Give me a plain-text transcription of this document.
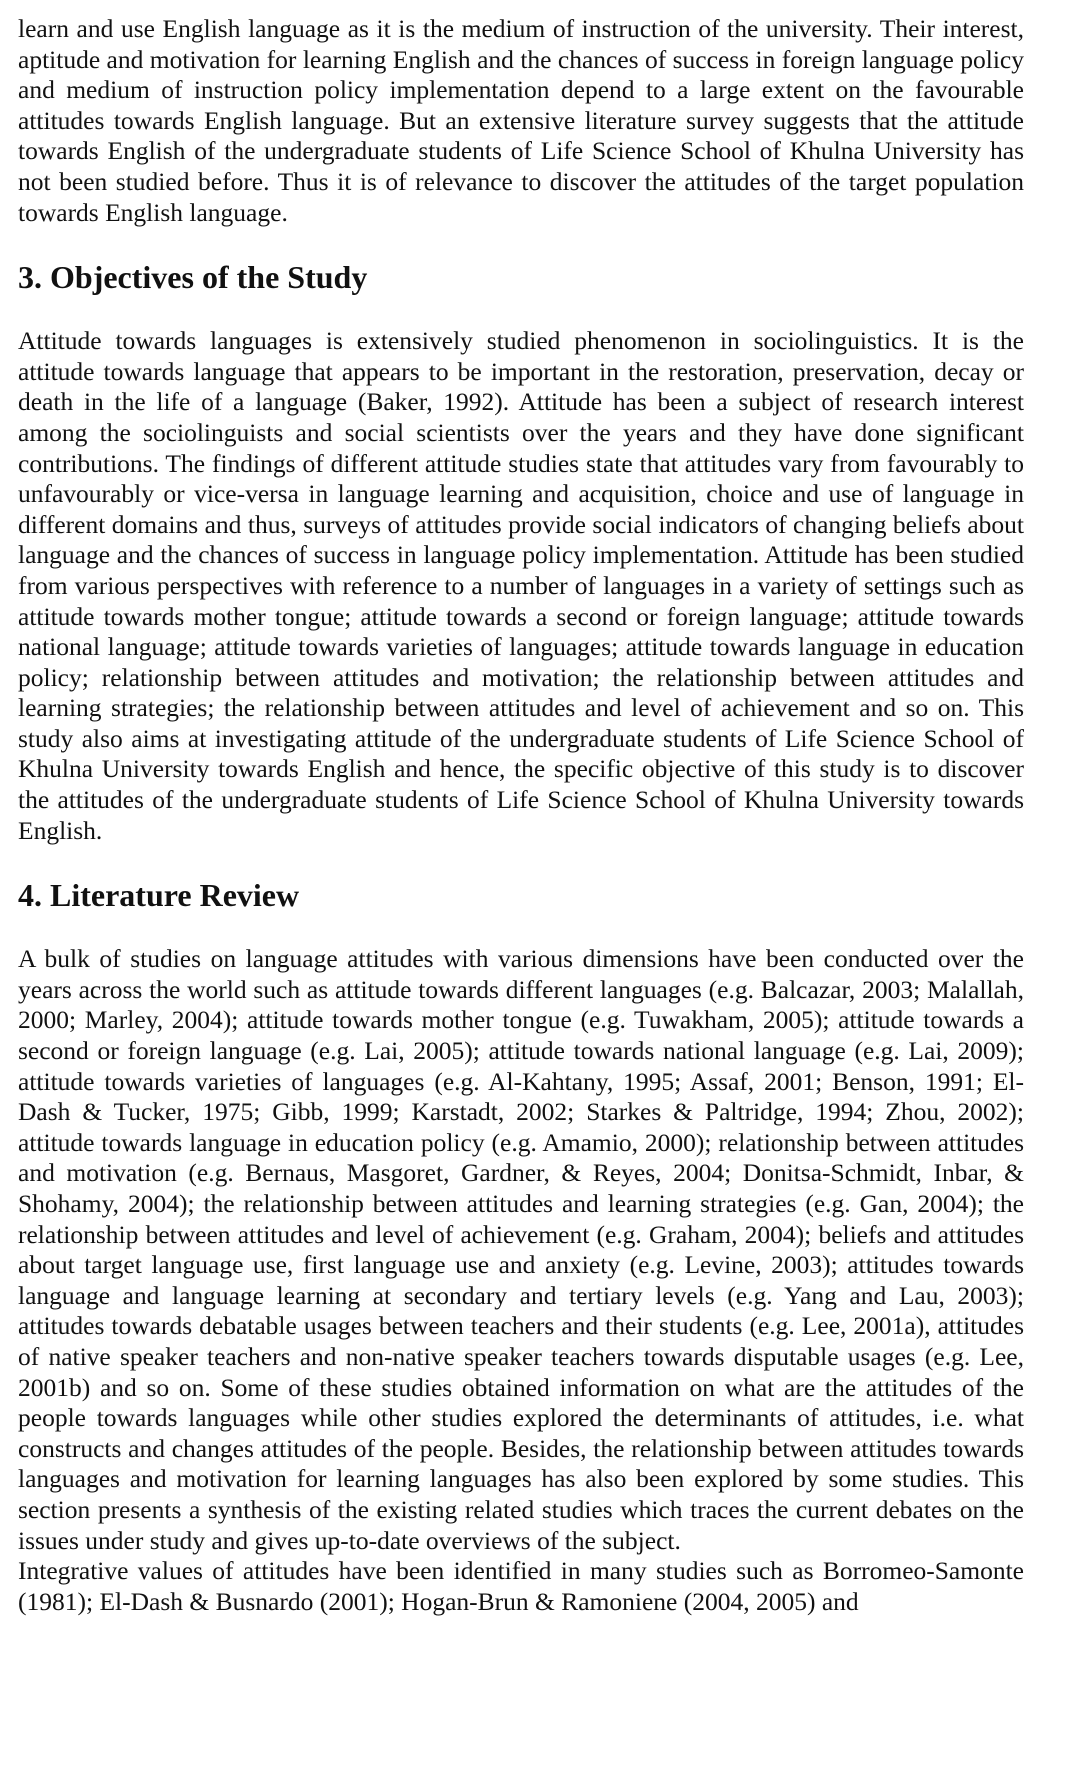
learn and use English language as it is the medium of instruction of the university. Their interest, aptitude and motivation for learning English and the chances of success in foreign language policy and medium of instruction policy implementation depend to a large extent on the favourable attitudes towards English language. But an extensive literature survey suggests that the attitude towards English of the undergraduate students of Life Science School of Khulna University has not been studied before. Thus it is of relevance to discover the attitudes of the target population towards English language.

3. Objectives of the Study

Attitude towards languages is extensively studied phenomenon in sociolinguistics. It is the attitude towards language that appears to be important in the restoration, preservation, decay or death in the life of a language (Baker, 1992). Attitude has been a subject of research interest among the sociolinguists and social scientists over the years and they have done significant contributions. The findings of different attitude studies state that attitudes vary from favourably to unfavourably or vice-versa in language learning and acquisition, choice and use of language in different domains and thus, surveys of attitudes provide social indicators of changing beliefs about language and the chances of success in language policy implementation. Attitude has been studied from various perspectives with reference to a number of languages in a variety of settings such as attitude towards mother tongue; attitude towards a second or foreign language; attitude towards national language; attitude towards varieties of languages; attitude towards language in education policy; relationship between attitudes and motivation; the relationship between attitudes and learning strategies; the relationship between attitudes and level of achievement and so on. This study also aims at investigating attitude of the undergraduate students of Life Science School of Khulna University towards English and hence, the specific objective of this study is to discover the attitudes of the undergraduate students of Life Science School of Khulna University towards English.

4. Literature Review

A bulk of studies on language attitudes with various dimensions have been conducted over the years across the world such as attitude towards different languages (e.g. Balcazar, 2003; Malallah, 2000; Marley, 2004); attitude towards mother tongue (e.g. Tuwakham, 2005); attitude towards a second or foreign language (e.g. Lai, 2005); attitude towards national language (e.g. Lai, 2009); attitude towards varieties of languages (e.g. Al-Kahtany, 1995; Assaf, 2001; Benson, 1991; El-Dash & Tucker, 1975; Gibb, 1999; Karstadt, 2002; Starkes & Paltridge, 1994; Zhou, 2002); attitude towards language in education policy (e.g. Amamio, 2000); relationship between attitudes and motivation (e.g. Bernaus, Masgoret, Gardner, & Reyes, 2004; Donitsa-Schmidt, Inbar, & Shohamy, 2004); the relationship between attitudes and learning strategies (e.g. Gan, 2004); the relationship between attitudes and level of achievement (e.g. Graham, 2004); beliefs and attitudes about target language use, first language use and anxiety (e.g. Levine, 2003); attitudes towards language and language learning at secondary and tertiary levels (e.g. Yang and Lau, 2003); attitudes towards debatable usages between teachers and their students (e.g. Lee, 2001a), attitudes of native speaker teachers and non-native speaker teachers towards disputable usages (e.g. Lee, 2001b) and so on. Some of these studies obtained information on what are the attitudes of the people towards languages while other studies explored the determinants of attitudes, i.e. what constructs and changes attitudes of the people. Besides, the relationship between attitudes towards languages and motivation for learning languages has also been explored by some studies. This section presents a synthesis of the existing related studies which traces the current debates on the issues under study and gives up-to-date overviews of the subject.

Integrative values of attitudes have been identified in many studies such as Borromeo-Samonte (1981); El-Dash & Busnardo (2001); Hogan-Brun & Ramoniene (2004, 2005) and
